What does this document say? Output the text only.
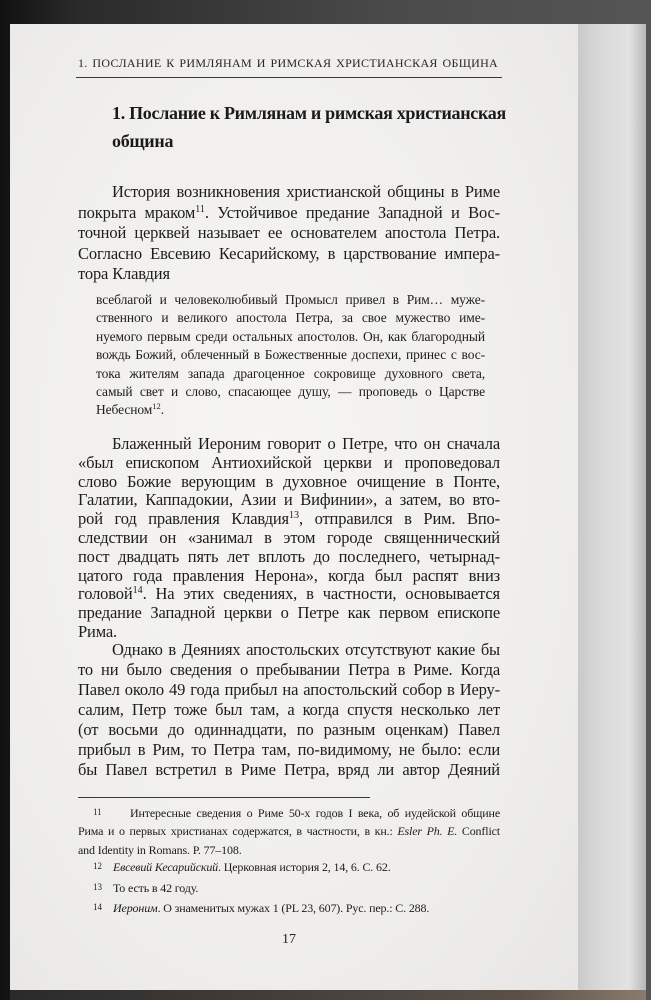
1. ПОСЛАНИЕ К РИМЛЯНАМ И РИМСКАЯ ХРИСТИАНСКАЯ ОБЩИНА
1. Послание к Римлянам и римская христианская
община
История возникновения христианской общины в Риме
покрыта мраком$^{11}$. Устойчивое предание Западной и Вос-
точной церквей называет ее основателем апостола Петра.
Согласно Евсевию Кесарийскому, в царствование импера-
тора Клавдия
всеблагой и человеколюбивый Промысл привел в Рим… муже-
ственного и великого апостола Петра, за свое мужество име-
нуемого первым среди остальных апостолов. Он, как благородный
вождь Божий, облеченный в Божественные доспехи, принес с вос-
тока жителям запада драгоценное сокровище духовного света,
самый свет и слово, спасающее душу, — проповедь о Царстве
Небесном$^{12}$.
Блаженный Иероним говорит о Петре, что он сначала
«был епископом Антиохийской церкви и проповедовал
слово Божие верующим в духовное очищение в Понте,
Галатии, Каппадокии, Азии и Вифинии», а затем, во вто-
рой год правления Клавдия$^{13}$, отправился в Рим. Впо-
следствии он «занимал в этом городе священнический
пост двадцать пять лет вплоть до последнего, четырнад-
цатого года правления Нерона», когда был распят вниз
головой$^{14}$. На этих сведениях, в частности, основывается
предание Западной церкви о Петре как первом епископе
Рима.
Однако в Деяниях апостольских отсутствуют какие бы
то ни было сведения о пребывании Петра в Риме. Когда
Павел около 49 года прибыл на апостольский собор в Иеру-
салим, Петр тоже был там, а когда спустя несколько лет
(от восьми до одиннадцати, по разным оценкам) Павел
прибыл в Рим, то Петра там, по-видимому, не было: если
бы Павел встретил в Риме Петра, вряд ли автор Деяний
11 Интересные сведения о Риме 50-х годов I века, об иудейской общине
Рима и о первых христианах содержатся, в частности, в кн.: Esler Ph. E. Conflict
and Identity in Romans. P. 77–108.
12 Евсевий Кесарийский. Церковная история 2, 14, 6. С. 62.
13 То есть в 42 году.
14 Иероним. О знаменитых мужах 1 (PL 23, 607). Рус. пер.: С. 288.
17
